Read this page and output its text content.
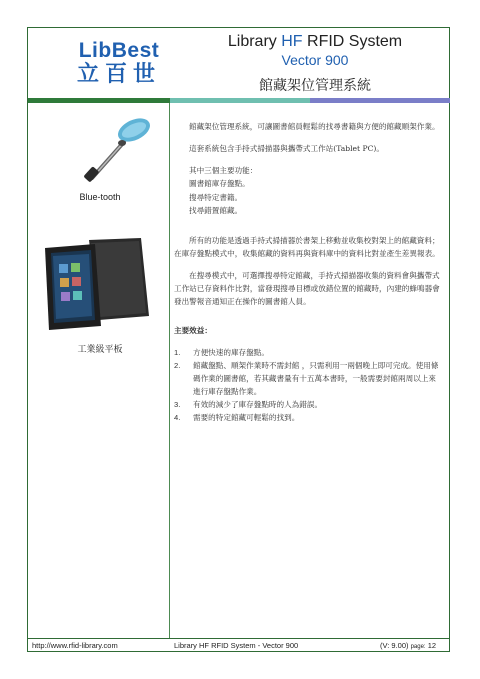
LibBest
立百世
Library HF RFID System
Vector 900
館藏架位管理系統
Blue-tooth
工業級平板

館藏架位管理系統，可讓圖書館員輕鬆的找尋書籍與方便的館藏順架作業。

這套系統包含手持式掃描器與攜帶式工作站(Tablet PC)。

其中三個主要功能：

圖書館庫存盤點。
搜尋特定書籍。
找尋錯置館藏。

所有的功能是透過手持式掃描器於書架上移動並收集校對架上的館藏資料；在庫存盤點模式中，收集館藏的資料再與資料庫中的資料比對並產生差異報表。

在搜尋模式中，可選擇搜尋特定館藏，手持式掃描器收集的資料會與攜帶式工作站已存資料作比對，當發現搜尋目標或放錯位置的館藏時，內建的蜂鳴器會發出警報音通知正在操作的圖書館人員。

主要效益：

1.	方便快速的庫存盤點。
2.	館藏盤點、順架作業時不需封館 ，只需利用一兩個晚上即可完成。使用條碼作業的圖書館，若其藏書量有十五萬本書時，一般需要封館兩周以上來進行庫存盤點作業。
3.	有效的減少了庫存盤點時的人為錯誤。
4.	需要的特定館藏可輕鬆的找到。
http://www.rfid-library.com	Library HF RFID System - Vector 900	(V: 9.00) page: 12
